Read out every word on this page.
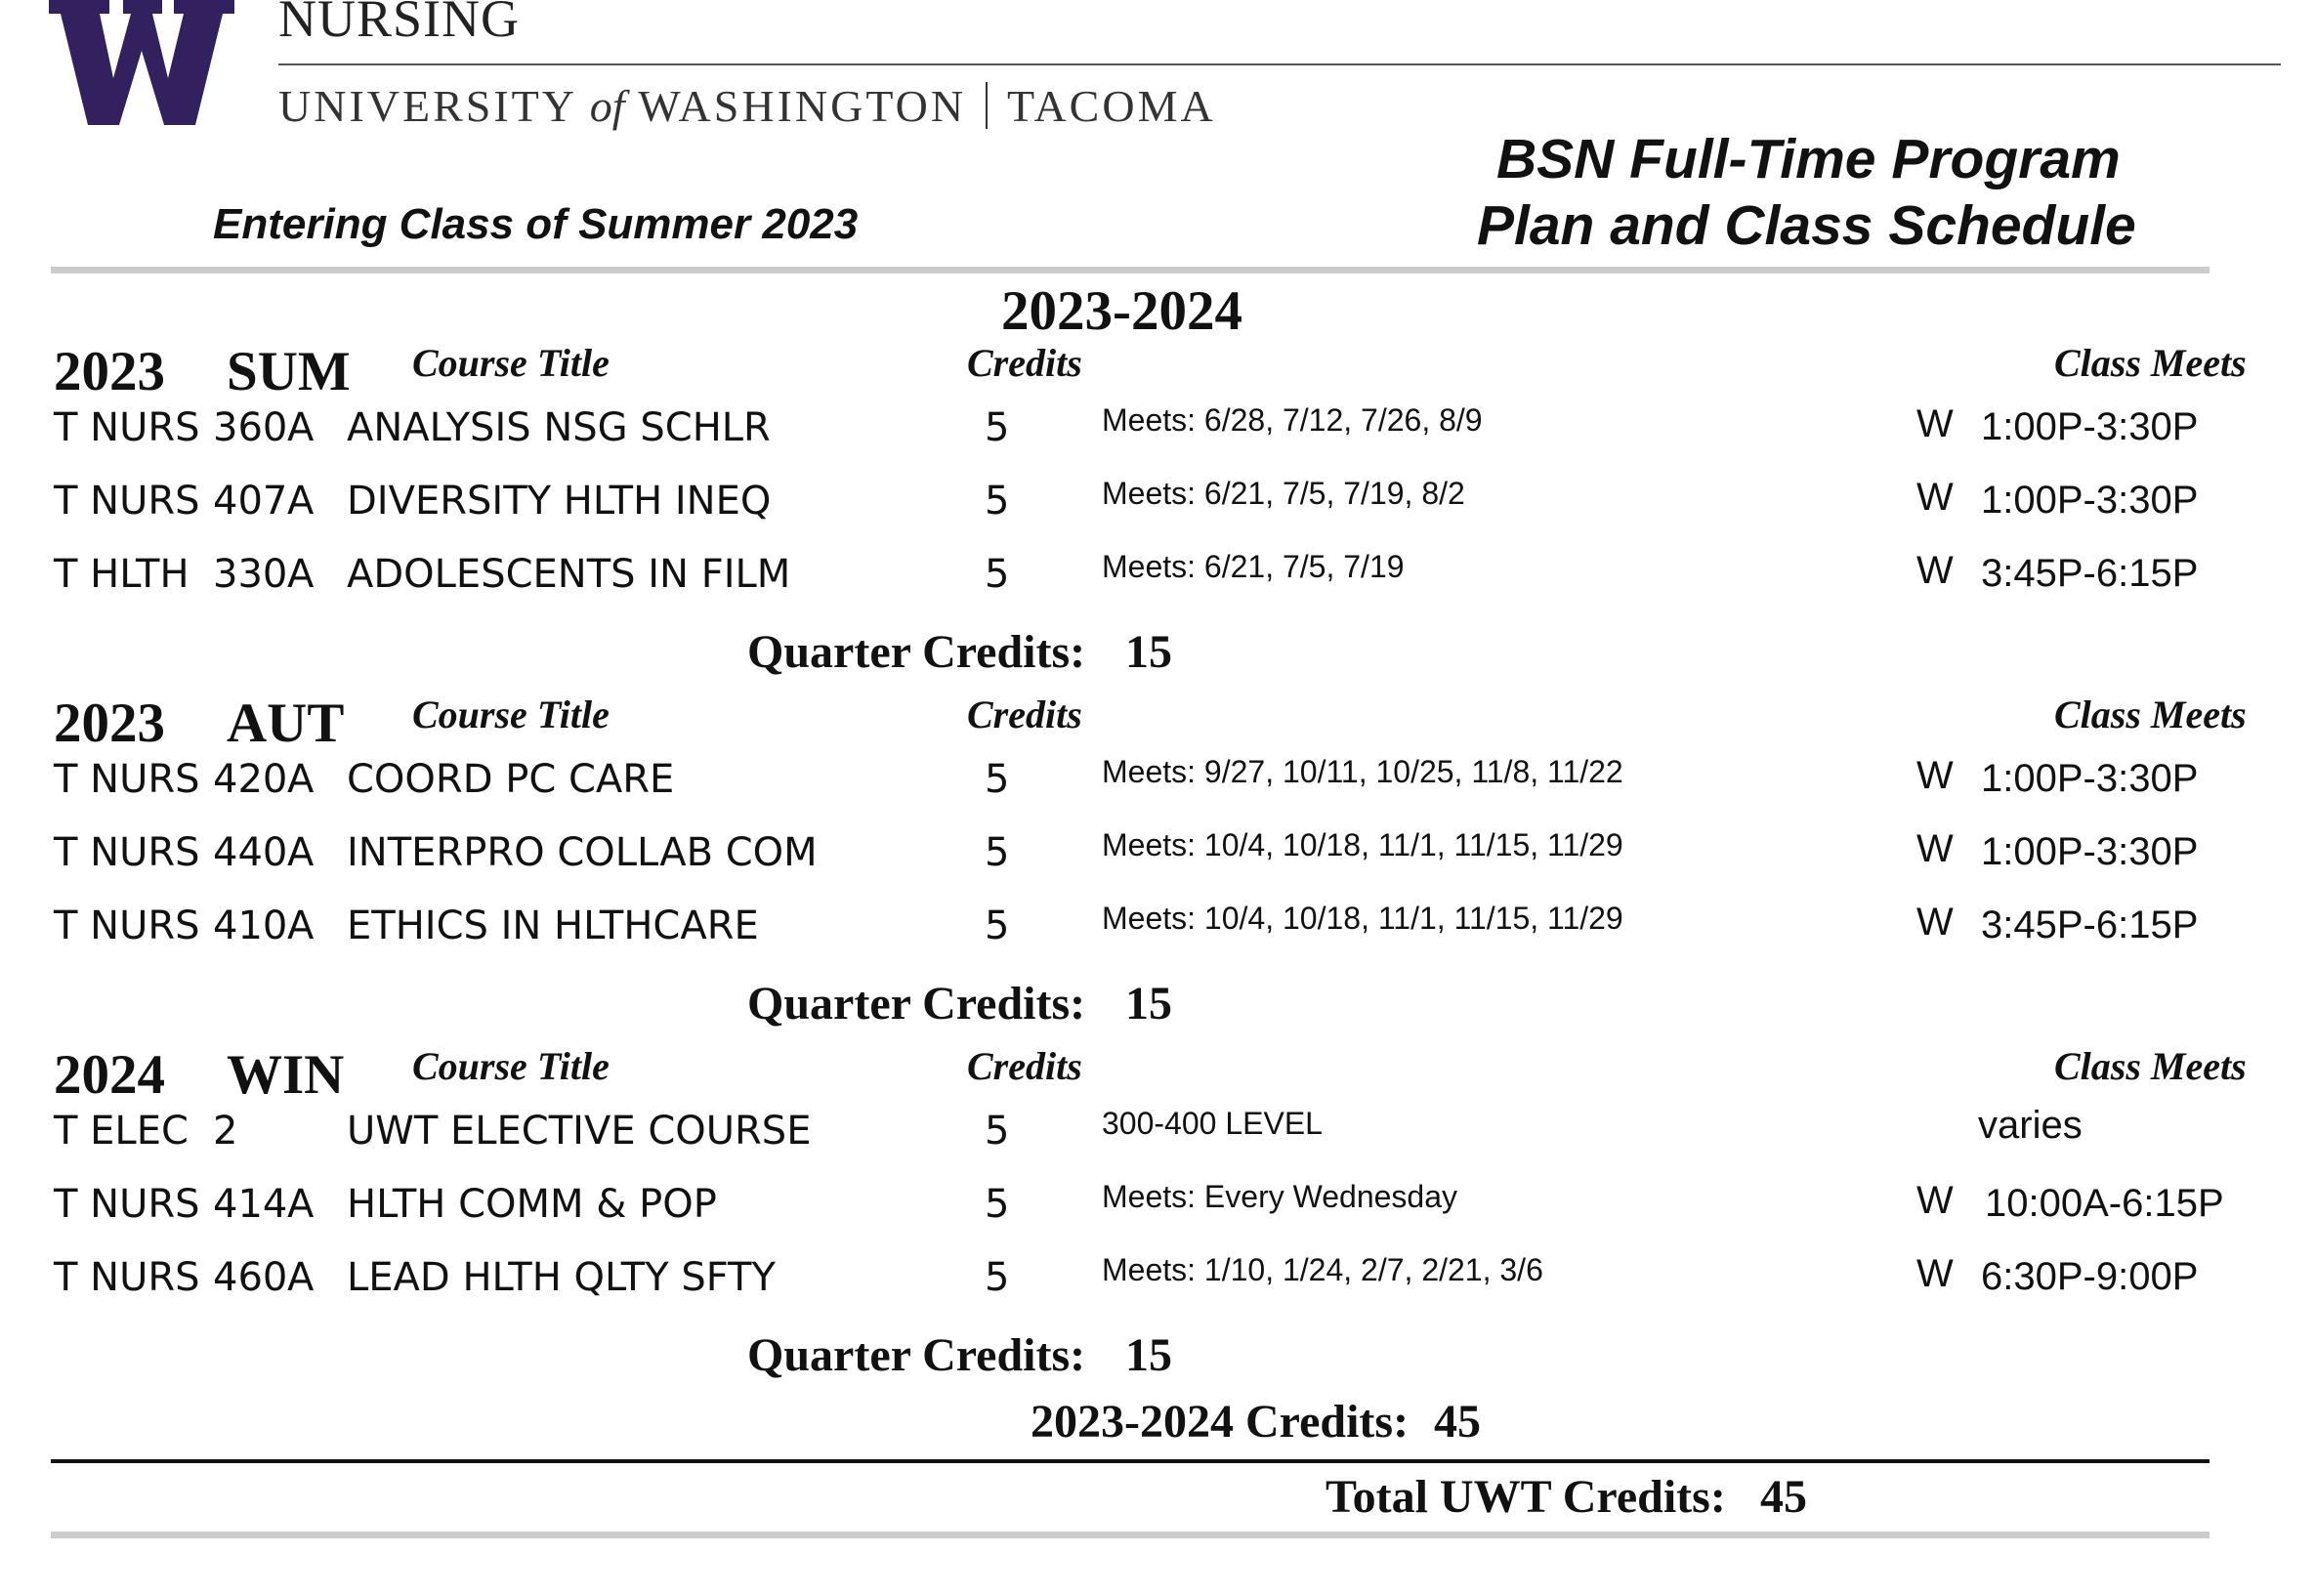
NURSING
UNIVERSITY of WASHINGTON TACOMA
Entering Class of Summer 2023
BSN Full-Time Program
Plan and Class Schedule
2023-2024
2023 SUM Course Title	Credits	Class Meets
T NURS 360 A ANALYSIS NSG SCHLR	5	Meets: 6/28, 7/12, 7/26, 8/9	W 1:00P-3:30P
T NURS 407 A DIVERSITY HLTH INEQ	5	Meets: 6/21, 7/5, 7/19, 8/2	W 1:00P-3:30P
T HLTH 330 A ADOLESCENTS IN FILM	5	Meets: 6/21, 7/5, 7/19	W 3:45P-6:15P
Quarter Credits: 15
2023 AUT Course Title	Credits	Class Meets
T NURS 420 A COORD PC CARE	5	Meets: 9/27, 10/11, 10/25, 11/8, 11/22	W 1:00P-3:30P
T NURS 440 A INTERPRO COLLAB COM	5	Meets: 10/4, 10/18, 11/1, 11/15, 11/29	W 1:00P-3:30P
T NURS 410 A ETHICS IN HLTHCARE	5	Meets: 10/4, 10/18, 11/1, 11/15, 11/29	W 3:45P-6:15P
Quarter Credits: 15
2024 WIN Course Title	Credits	Class Meets
T ELEC 2	UWT ELECTIVE COURSE	5	300-400 LEVEL	varies
T NURS 414 A HLTH COMM & POP	5	Meets: Every Wednesday	W 10:00A-6:15P
T NURS 460 A LEAD HLTH QLTY SFTY	5	Meets: 1/10, 1/24, 2/7, 2/21, 3/6	W 6:30P-9:00P
Quarter Credits: 15
2023-2024 Credits: 45
Total UWT Credits: 45
